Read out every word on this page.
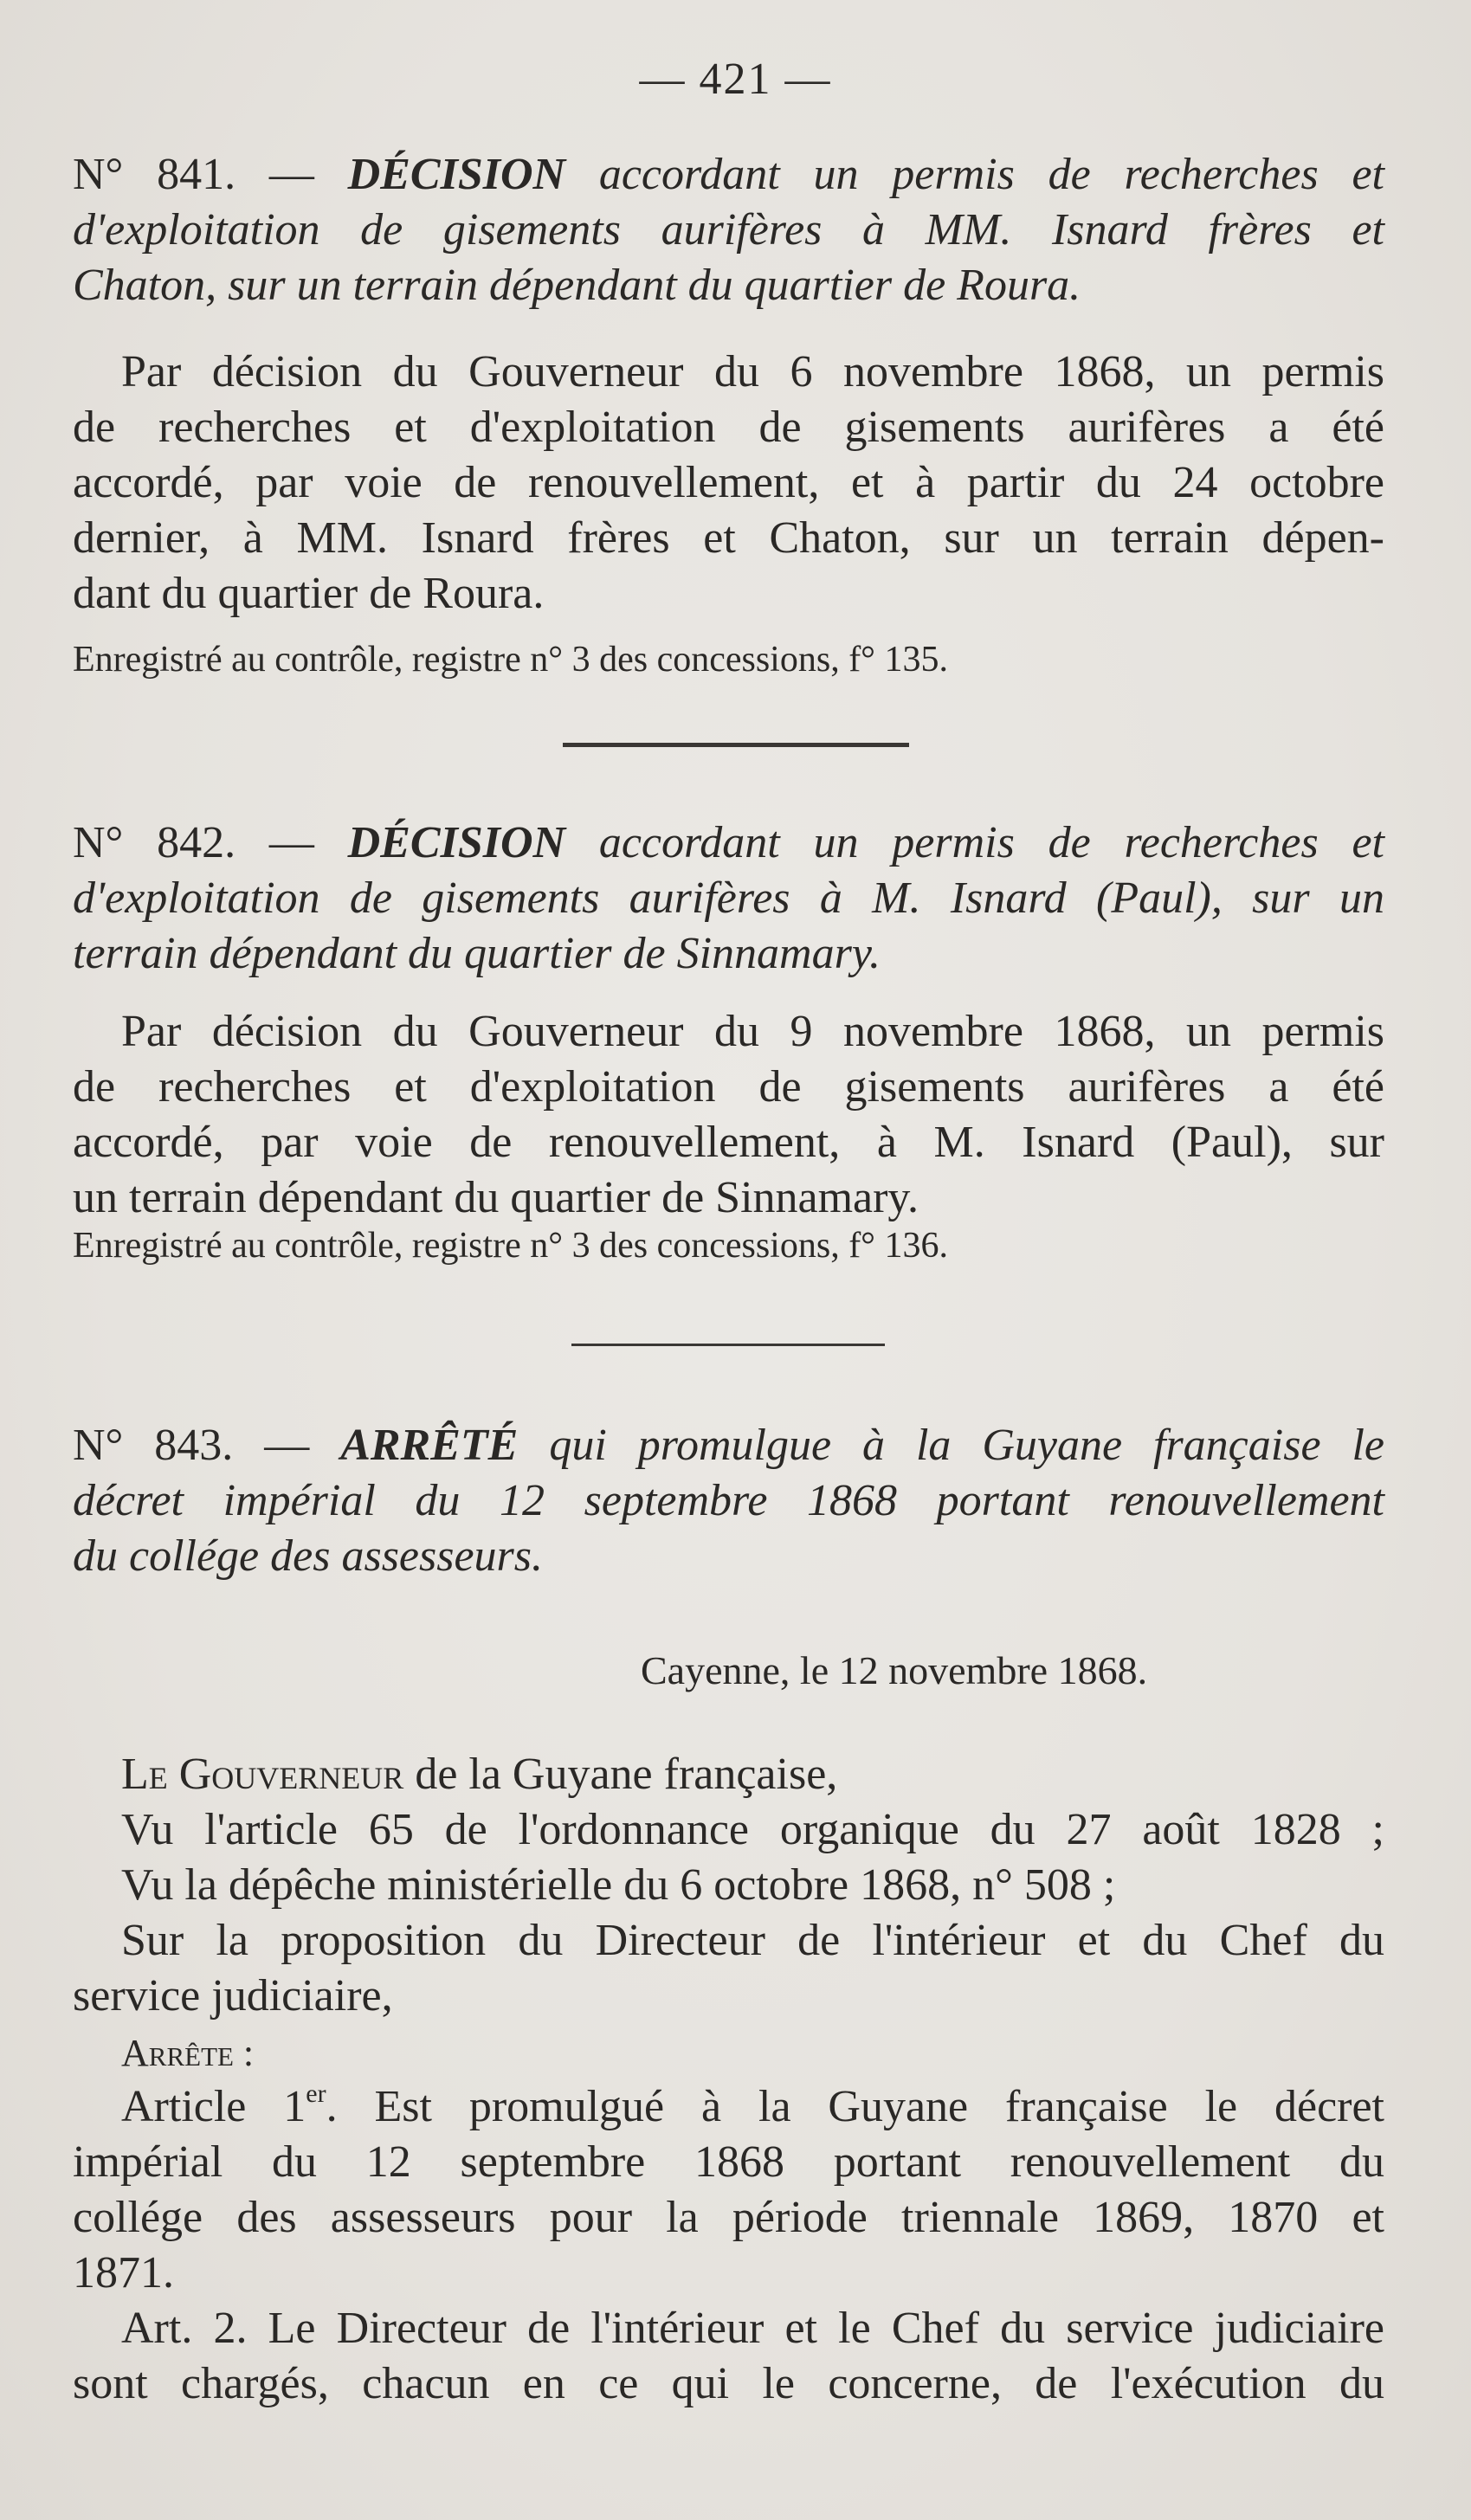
— 421 —
N° 841. — DÉCISION accordant un permis de recherches et
d'exploitation de gisements aurifères à MM. Isnard frères et
Chaton, sur un terrain dépendant du quartier de Roura.
Par décision du Gouverneur du 6 novembre 1868, un permis
de recherches et d'exploitation de gisements aurifères a été
accordé, par voie de renouvellement, et à partir du 24 octobre
dernier, à MM. Isnard frères et Chaton, sur un terrain dépen-
dant du quartier de Roura.
Enregistré au contrôle, registre n° 3 des concessions, f° 135.
N° 842. — DÉCISION accordant un permis de recherches et
d'exploitation de gisements aurifères à M. Isnard (Paul), sur un
terrain dépendant du quartier de Sinnamary.
Par décision du Gouverneur du 9 novembre 1868, un permis
de recherches et d'exploitation de gisements aurifères a été
accordé, par voie de renouvellement, à M. Isnard (Paul), sur
un terrain dépendant du quartier de Sinnamary.
Enregistré au contrôle, registre n° 3 des concessions, f° 136.
N° 843. — ARRÊTÉ qui promulgue à la Guyane française le
décret impérial du 12 septembre 1868 portant renouvellement
du collége des assesseurs.
Cayenne, le 12 novembre 1868.
Le Gouverneur de la Guyane française,
Vu l'article 65 de l'ordonnance organique du 27 août 1828 ;
Vu la dépêche ministérielle du 6 octobre 1868, n° 508 ;
Sur la proposition du Directeur de l'intérieur et du Chef du
service judiciaire,
Arrête :
Article 1er. Est promulgué à la Guyane française le décret
impérial du 12 septembre 1868 portant renouvellement du
collége des assesseurs pour la période triennale 1869, 1870 et
1871.
Art. 2. Le Directeur de l'intérieur et le Chef du service judiciaire
sont chargés, chacun en ce qui le concerne, de l'exécution du
